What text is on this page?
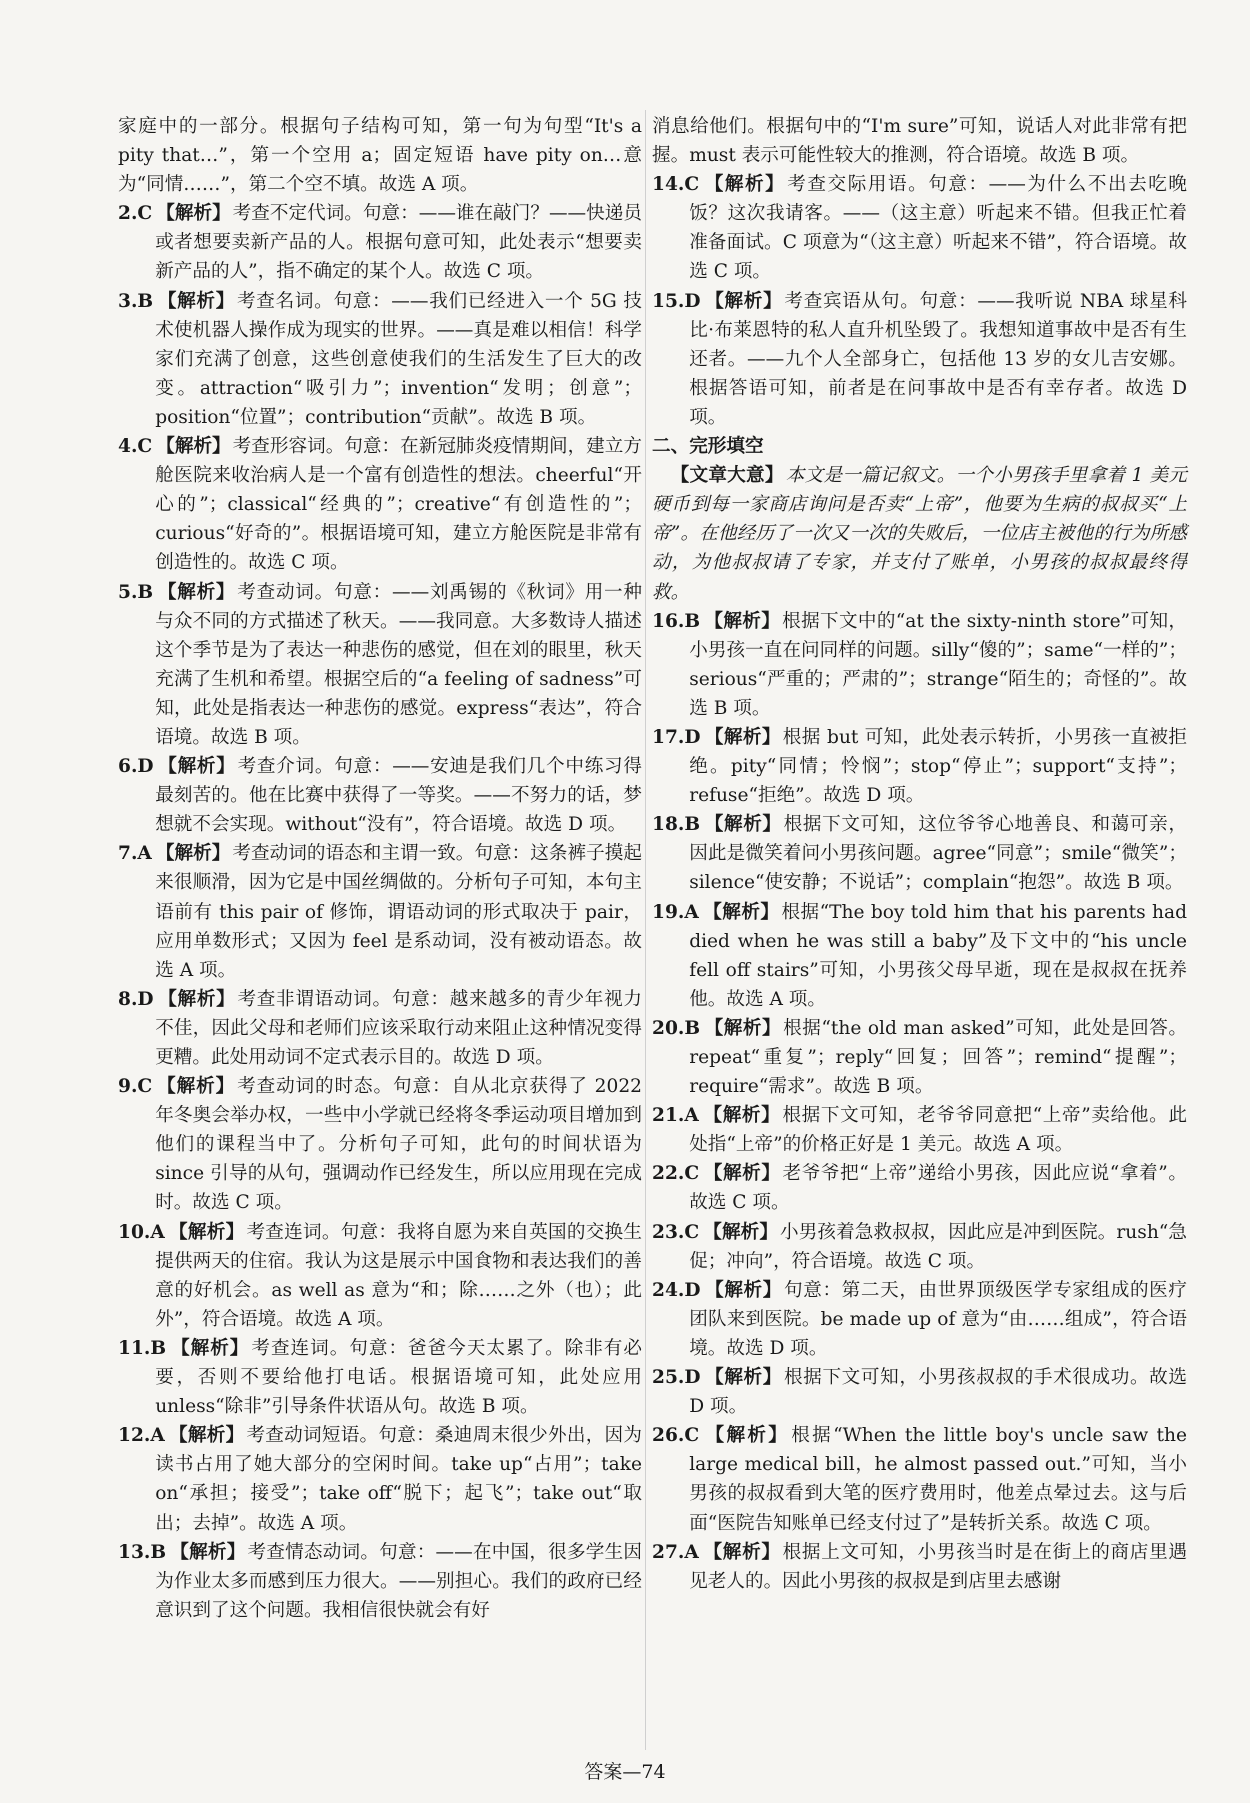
家庭中的一部分。根据句子结构可知，第一句为句型“It's a pity that…”，第一个空用 a；固定短语 have pity on…意为“同情……”，第二个空不填。故选 A 项。

2.C 【解析】 考查不定代词。句意：——谁在敲门？——快递员或者想要卖新产品的人。根据句意可知，此处表示“想要卖新产品的人”，指不确定的某个人。故选 C 项。

3.B 【解析】 考查名词。句意：——我们已经进入一个 5G 技术使机器人操作成为现实的世界。——真是难以相信！科学家们充满了创意，这些创意使我们的生活发生了巨大的改变。attraction“吸引力”；invention“发明；创意”；position“位置”；contribution“贡献”。故选 B 项。

4.C 【解析】 考查形容词。句意：在新冠肺炎疫情期间，建立方舱医院来收治病人是一个富有创造性的想法。cheerful“开心的”；classical“经典的”；creative“有创造性的”；curious“好奇的”。根据语境可知，建立方舱医院是非常有创造性的。故选 C 项。

5.B 【解析】 考查动词。句意：——刘禹锡的《秋词》用一种与众不同的方式描述了秋天。——我同意。大多数诗人描述这个季节是为了表达一种悲伤的感觉，但在刘的眼里，秋天充满了生机和希望。根据空后的“a feeling of sadness”可知，此处是指表达一种悲伤的感觉。express“表达”，符合语境。故选 B 项。

6.D 【解析】 考查介词。句意：——安迪是我们几个中练习得最刻苦的。他在比赛中获得了一等奖。——不努力的话，梦想就不会实现。without“没有”，符合语境。故选 D 项。

7.A 【解析】 考查动词的语态和主谓一致。句意：这条裤子摸起来很顺滑，因为它是中国丝绸做的。分析句子可知，本句主语前有 this pair of 修饰，谓语动词的形式取决于 pair，应用单数形式；又因为 feel 是系动词，没有被动语态。故选 A 项。

8.D 【解析】 考查非谓语动词。句意：越来越多的青少年视力不佳，因此父母和老师们应该采取行动来阻止这种情况变得更糟。此处用动词不定式表示目的。故选 D 项。

9.C 【解析】 考查动词的时态。句意：自从北京获得了 2022 年冬奥会举办权，一些中小学就已经将冬季运动项目增加到他们的课程当中了。分析句子可知，此句的时间状语为 since 引导的从句，强调动作已经发生，所以应用现在完成时。故选 C 项。

10.A 【解析】 考查连词。句意：我将自愿为来自英国的交换生提供两天的住宿。我认为这是展示中国食物和表达我们的善意的好机会。as well as 意为“和；除……之外（也）；此外”，符合语境。故选 A 项。

11.B 【解析】 考查连词。句意：爸爸今天太累了。除非有必要，否则不要给他打电话。根据语境可知，此处应用 unless“除非”引导条件状语从句。故选 B 项。

12.A 【解析】 考查动词短语。句意：桑迪周末很少外出，因为读书占用了她大部分的空闲时间。take up“占用”；take on“承担；接受”；take off“脱下；起飞”；take out“取出；去掉”。故选 A 项。

13.B 【解析】 考查情态动词。句意：——在中国，很多学生因为作业太多而感到压力很大。——别担心。我们的政府已经意识到了这个问题。我相信很快就会有好

消息给他们。根据句中的“I'm sure”可知，说话人对此非常有把握。must 表示可能性较大的推测，符合语境。故选 B 项。

14.C 【解析】 考查交际用语。句意：——为什么不出去吃晚饭？这次我请客。——（这主意）听起来不错。但我正忙着准备面试。C 项意为“（这主意）听起来不错”，符合语境。故选 C 项。

15.D 【解析】 考查宾语从句。句意：——我听说 NBA 球星科比·布莱恩特的私人直升机坠毁了。我想知道事故中是否有生还者。——九个人全部身亡，包括他 13 岁的女儿吉安娜。根据答语可知，前者是在问事故中是否有幸存者。故选 D 项。

二、完形填空

【文章大意】 本文是一篇记叙文。一个小男孩手里拿着 1 美元硬币到每一家商店询问是否卖“上帝”，他要为生病的叔叔买“上帝”。在他经历了一次又一次的失败后，一位店主被他的行为所感动，为他叔叔请了专家，并支付了账单，小男孩的叔叔最终得救。

16.B 【解析】 根据下文中的“at the sixty-ninth store”可知，小男孩一直在问同样的问题。silly“傻的”；same“一样的”；serious“严重的；严肃的”；strange“陌生的；奇怪的”。故选 B 项。

17.D 【解析】 根据 but 可知，此处表示转折，小男孩一直被拒绝。pity“同情；怜悯”；stop“停止”；support“支持”；refuse“拒绝”。故选 D 项。

18.B 【解析】 根据下文可知，这位爷爷心地善良、和蔼可亲，因此是微笑着问小男孩问题。agree“同意”；smile“微笑”；silence“使安静；不说话”；complain“抱怨”。故选 B 项。

19.A 【解析】 根据“The boy told him that his parents had died when he was still a baby”及下文中的“his uncle fell off stairs”可知，小男孩父母早逝，现在是叔叔在抚养他。故选 A 项。

20.B 【解析】 根据“the old man asked”可知，此处是回答。repeat“重复”；reply“回复；回答”；remind“提醒”；require“需求”。故选 B 项。

21.A 【解析】 根据下文可知，老爷爷同意把“上帝”卖给他。此处指“上帝”的价格正好是 1 美元。故选 A 项。

22.C 【解析】 老爷爷把“上帝”递给小男孩，因此应说“拿着”。故选 C 项。

23.C 【解析】 小男孩着急救叔叔，因此应是冲到医院。rush“急促；冲向”，符合语境。故选 C 项。

24.D 【解析】 句意：第二天，由世界顶级医学专家组成的医疗团队来到医院。be made up of 意为“由……组成”，符合语境。故选 D 项。

25.D 【解析】 根据下文可知，小男孩叔叔的手术很成功。故选 D 项。

26.C 【解析】 根据“When the little boy's uncle saw the large medical bill，he almost passed out.”可知，当小男孩的叔叔看到大笔的医疗费用时，他差点晕过去。这与后面“医院告知账单已经支付过了”是转折关系。故选 C 项。

27.A 【解析】 根据上文可知，小男孩当时是在街上的商店里遇见老人的。因此小男孩的叔叔是到店里去感谢

答案—74
